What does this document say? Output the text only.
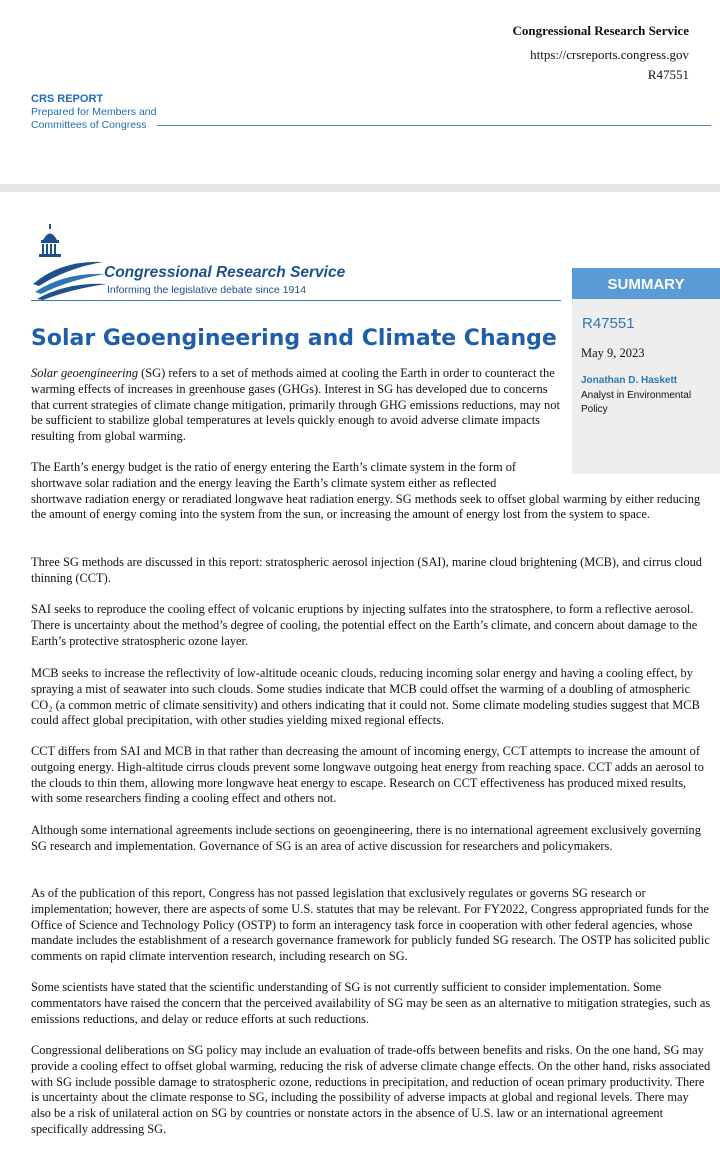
Congressional Research Service
https://crsreports.congress.gov
R47551
CRS REPORT
Prepared for Members and
Committees of Congress
Congressional Research Service
Informing the legislative debate since 1914	SUMMARY
R47551
May 9, 2023
Jonathan D. Haskett
Analyst in Environmental Policy
Solar Geoengineering and Climate Change

Solar geoengineering (SG) refers to a set of methods aimed at cooling the Earth in order to counteract the warming effects of increases in greenhouse gases (GHGs). Interest in SG has developed due to concerns that current strategies of climate change mitigation, primarily through GHG emissions reductions, may not be sufficient to stabilize global temperatures at levels quickly enough to avoid adverse climate impacts resulting from global warming.

The Earth’s energy budget is the ratio of energy entering the Earth’s climate system in the form of shortwave solar radiation and the energy leaving the Earth’s climate system either as reflected
shortwave radiation energy or reradiated longwave heat radiation energy. SG methods seek to offset global warming by either reducing the amount of energy coming into the system from the sun, or increasing the amount of energy lost from the system to space.

Three SG methods are discussed in this report: stratospheric aerosol injection (SAI), marine cloud brightening (MCB), and cirrus cloud thinning (CCT).

SAI seeks to reproduce the cooling effect of volcanic eruptions by injecting sulfates into the stratosphere, to form a reflective aerosol. There is uncertainty about the method’s degree of cooling, the potential effect on the Earth’s climate, and concern about damage to the Earth’s protective stratospheric ozone layer.

MCB seeks to increase the reflectivity of low-altitude oceanic clouds, reducing incoming solar energy and having a cooling effect, by spraying a mist of seawater into such clouds. Some studies indicate that MCB could offset the warming of a doubling of atmospheric CO₂ (a common metric of climate sensitivity) and others indicating that it could not. Some climate modeling studies suggest that MCB could affect global precipitation, with other studies yielding mixed regional effects.

CCT differs from SAI and MCB in that rather than decreasing the amount of incoming energy, CCT attempts to increase the amount of outgoing energy. High-altitude cirrus clouds prevent some longwave outgoing heat energy from reaching space. CCT adds an aerosol to the clouds to thin them, allowing more longwave heat energy to escape. Research on CCT effectiveness has produced mixed results, with some researchers finding a cooling effect and others not.

Although some international agreements include sections on geoengineering, there is no international agreement exclusively governing SG research and implementation. Governance of SG is an area of active discussion for researchers and policymakers.

As of the publication of this report, Congress has not passed legislation that exclusively regulates or governs SG research or implementation; however, there are aspects of some U.S. statutes that may be relevant. For FY2022, Congress appropriated funds for the Office of Science and Technology Policy (OSTP) to form an interagency task force in cooperation with other federal agencies, whose mandate includes the establishment of a research governance framework for publicly funded SG research. The OSTP has solicited public comments on rapid climate intervention research, including research on SG.

Some scientists have stated that the scientific understanding of SG is not currently sufficient to consider implementation. Some commentators have raised the concern that the perceived availability of SG may be seen as an alternative to mitigation strategies, such as emissions reductions, and delay or reduce efforts at such reductions.

Congressional deliberations on SG policy may include an evaluation of trade-offs between benefits and risks. On the one hand, SG may provide a cooling effect to offset global warming, reducing the risk of adverse climate change effects. On the other hand, risks associated with SG include possible damage to stratospheric ozone, reductions in precipitation, and reduction of ocean primary productivity. There is uncertainty about the climate response to SG, including the possibility of adverse impacts at global and regional levels. There may also be a risk of unilateral action on SG by countries or nonstate actors in the absence of U.S. law or an international agreement specifically addressing SG.
